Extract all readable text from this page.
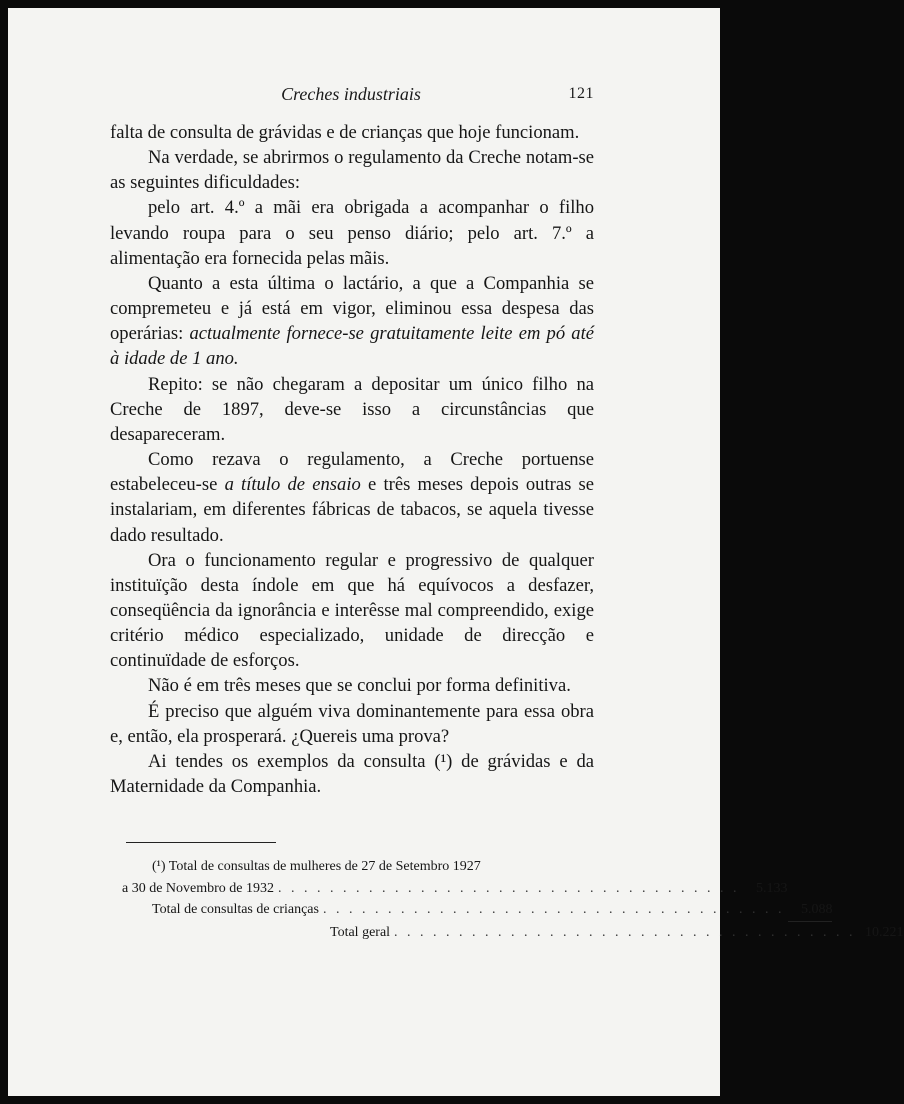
Creches industriais	121

falta de consulta de grávidas e de crianças que hoje funcionam.

Na verdade, se abrirmos o regulamento da Creche notam-se as seguintes dificuldades:

pelo art. 4.º a mãi era obrigada a acompanhar o filho levando roupa para o seu penso diário; pelo art. 7.º a alimentação era fornecida pelas mãis.

Quanto a esta última o lactário, a que a Companhia se compremeteu e já está em vigor, eliminou essa despesa das operárias: actualmente fornece-se gratuitamente leite em pó até à idade de 1 ano.

Repito: se não chegaram a depositar um único filho na Creche de 1897, deve-se isso a circunstâncias que desapareceram.

Como rezava o regulamento, a Creche portuense estabeleceu-se a título de ensaio e três meses depois outras se instalariam, em diferentes fábricas de tabacos, se aquela tivesse dado resultado.

Ora o funcionamento regular e progressivo de qualquer instituïção desta índole em que há equívocos a desfazer, conseqüência da ignorância e interêsse mal compreendido, exige critério médico especializado, unidade de direcção e continuïdade de esforços.

Não é em três meses que se conclui por forma definitiva.

É preciso que alguém viva dominantemente para essa obra e, então, ela prosperará. ¿Quereis uma prova?

Ai tendes os exemplos da consulta (¹) de grávidas e da Maternidade da Companhia.

(¹) Total de consultas de mulheres de 27 de Setembro 1927
a 30 de Novembro de 1932 . . . . . . . . . . . . . . . . . . . . . . . . . . . . . . . . . . . .	5.133
Total de consultas de crianças . . . . . . . . . . . . . . . . . . . . . . . . . . . . . . . . . . . .	5.088
Total geral . . . . . . . . . . . . . . . . . . . . . . . . . . . . . . . . . . . . 10.221
